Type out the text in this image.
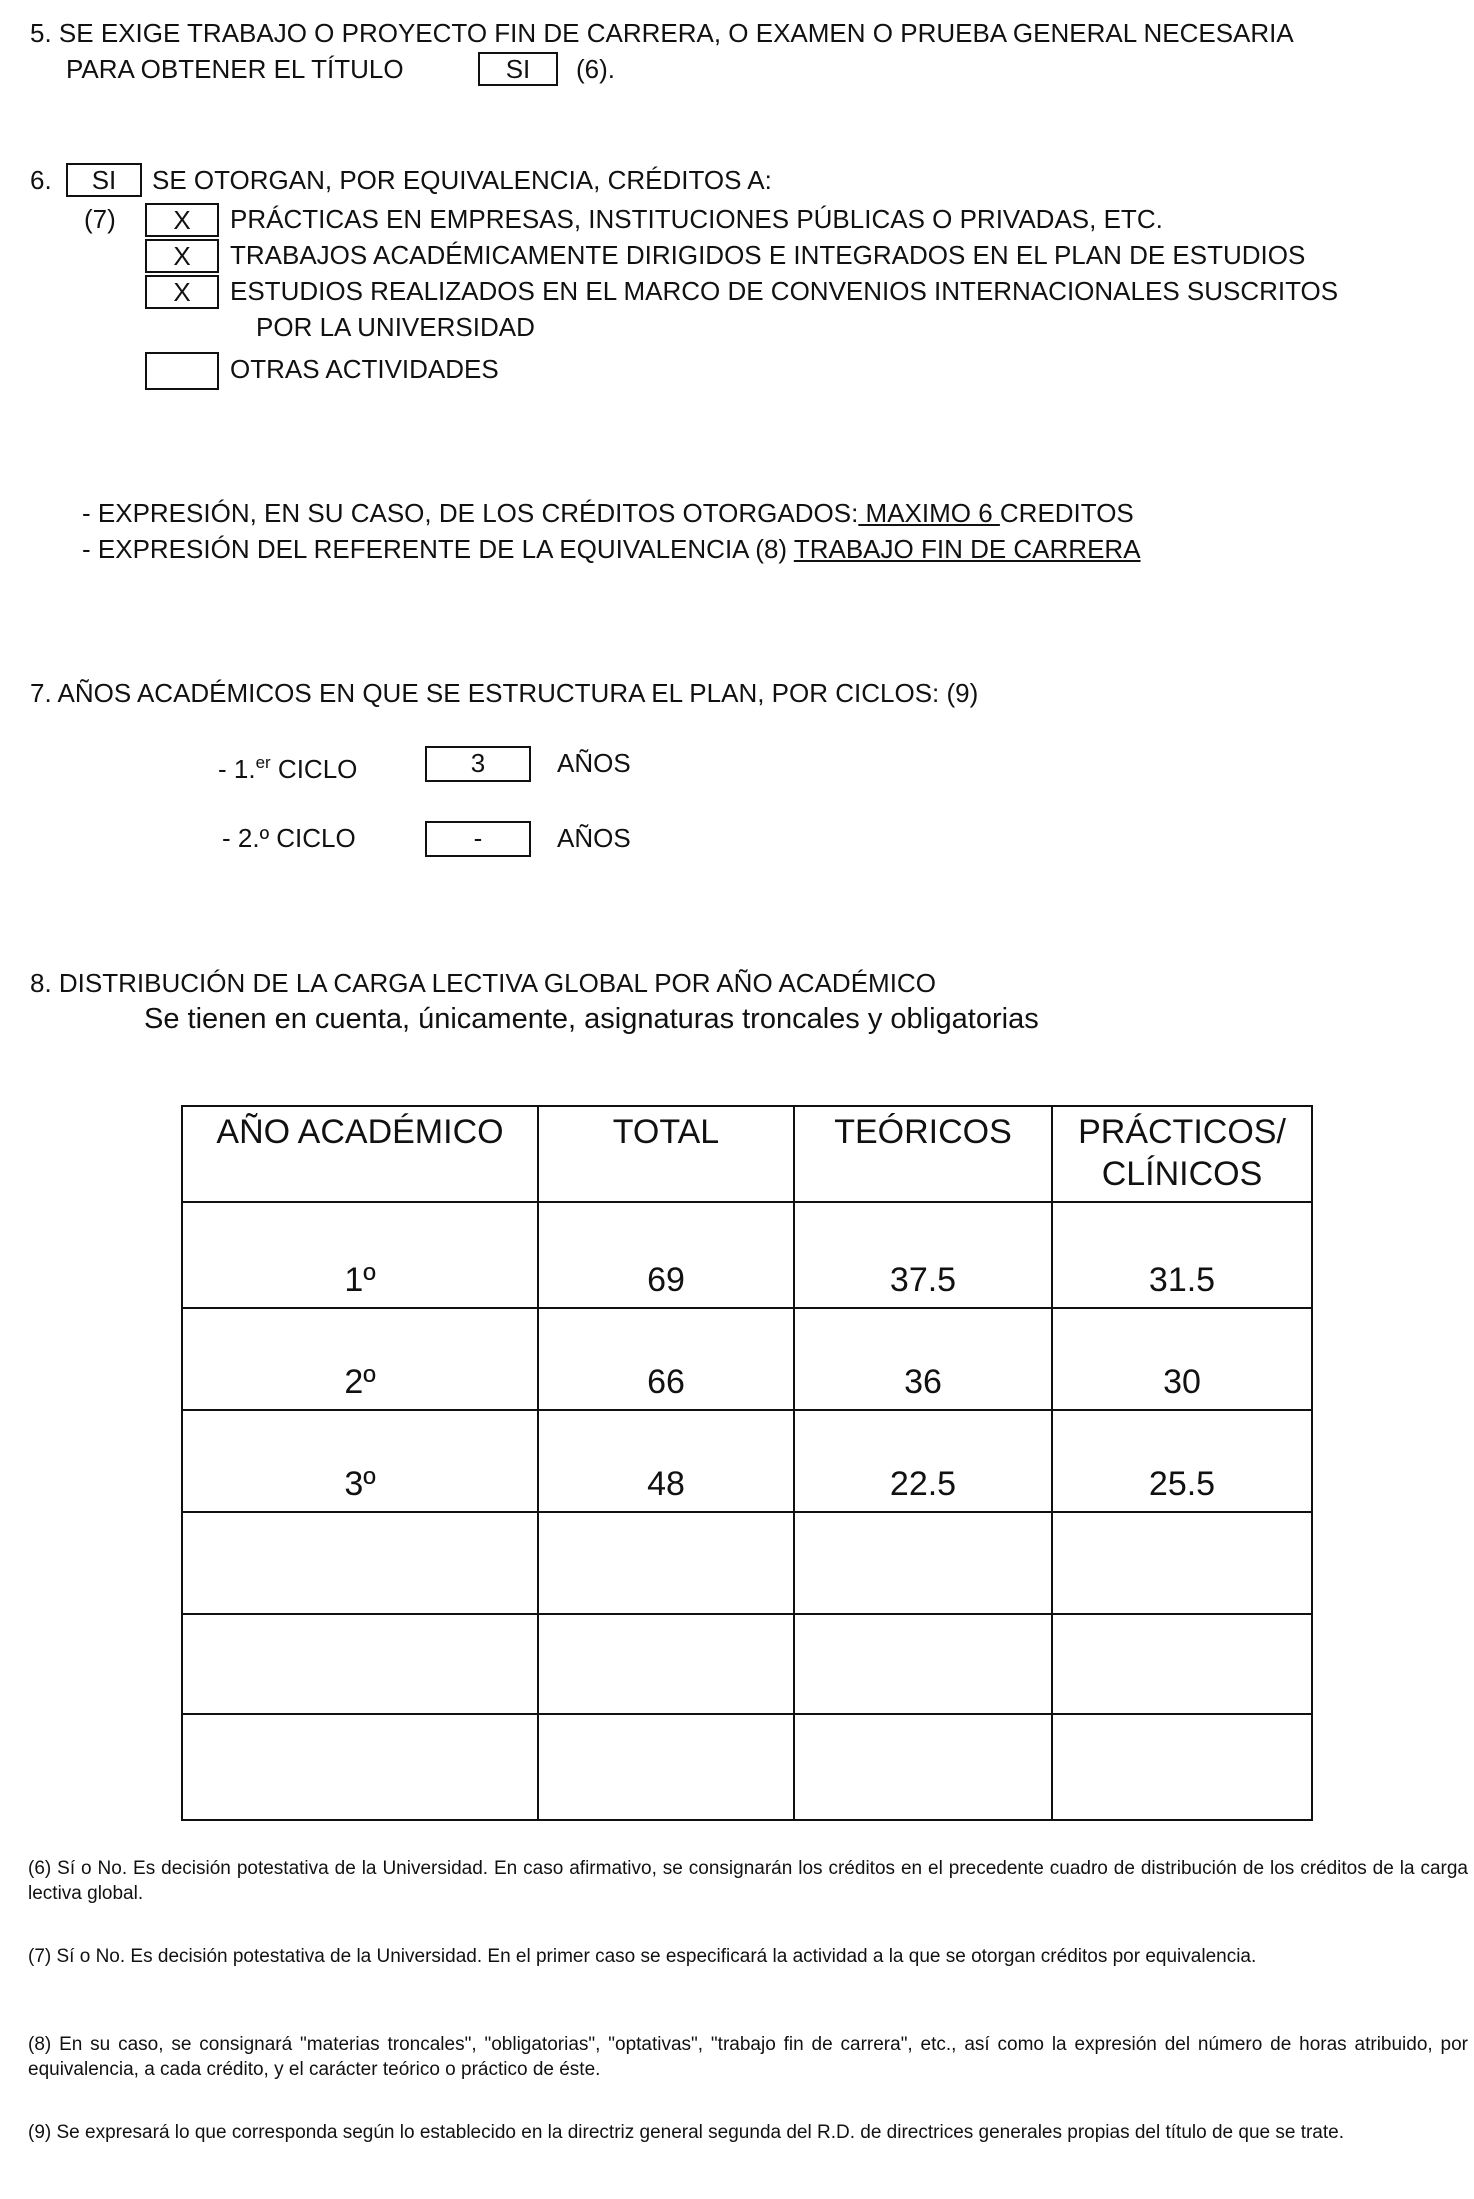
5. SE EXIGE TRABAJO O PROYECTO FIN DE CARRERA, O EXAMEN O PRUEBA GENERAL NECESARIA
PARA OBTENER EL TÍTULO	SI	(6).
6.	SI	SE OTORGAN, POR EQUIVALENCIA, CRÉDITOS A:
(7)	X	PRÁCTICAS EN EMPRESAS, INSTITUCIONES PÚBLICAS O PRIVADAS, ETC.
X	TRABAJOS ACADÉMICAMENTE DIRIGIDOS E INTEGRADOS EN EL PLAN DE ESTUDIOS
X	ESTUDIOS REALIZADOS EN EL MARCO DE CONVENIOS INTERNACIONALES SUSCRITOS
POR LA UNIVERSIDAD
OTRAS ACTIVIDADES
- EXPRESIÓN, EN SU CASO, DE LOS CRÉDITOS OTORGADOS: MAXIMO 6 CREDITOS
- EXPRESIÓN DEL REFERENTE DE LA EQUIVALENCIA (8) TRABAJO FIN DE CARRERA
7. AÑOS ACADÉMICOS EN QUE SE ESTRUCTURA EL PLAN, POR CICLOS: (9)
- 1.$^{er}$ CICLO	3	AÑOS
- 2.º CICLO	-	AÑOS
8. DISTRIBUCIÓN DE LA CARGA LECTIVA GLOBAL POR AÑO ACADÉMICO
Se tienen en cuenta, únicamente, asignaturas troncales y obligatorias
AÑO ACADÉMICO	TOTAL	TEÓRICOS	PRÁCTICOS/ CLÍNICOS
1º	69	37.5	31.5
2º	66	36	30
3º	48	22.5	25.5

(6) Sí o No. Es decisión potestativa de la Universidad. En caso afirmativo, se consignarán los créditos en el precedente cuadro de distribución de los créditos de la carga lectiva global.
(7) Sí o No. Es decisión potestativa de la Universidad. En el primer caso se especificará la actividad a la que se otorgan créditos por equivalencia.
(8) En su caso, se consignará "materias troncales", "obligatorias", "optativas", "trabajo fin de carrera", etc., así como la expresión del número de horas atribuido, por equivalencia, a cada crédito, y el carácter teórico o práctico de éste.
(9) Se expresará lo que corresponda según lo establecido en la directriz general segunda del R.D. de directrices generales propias del título de que se trate.
